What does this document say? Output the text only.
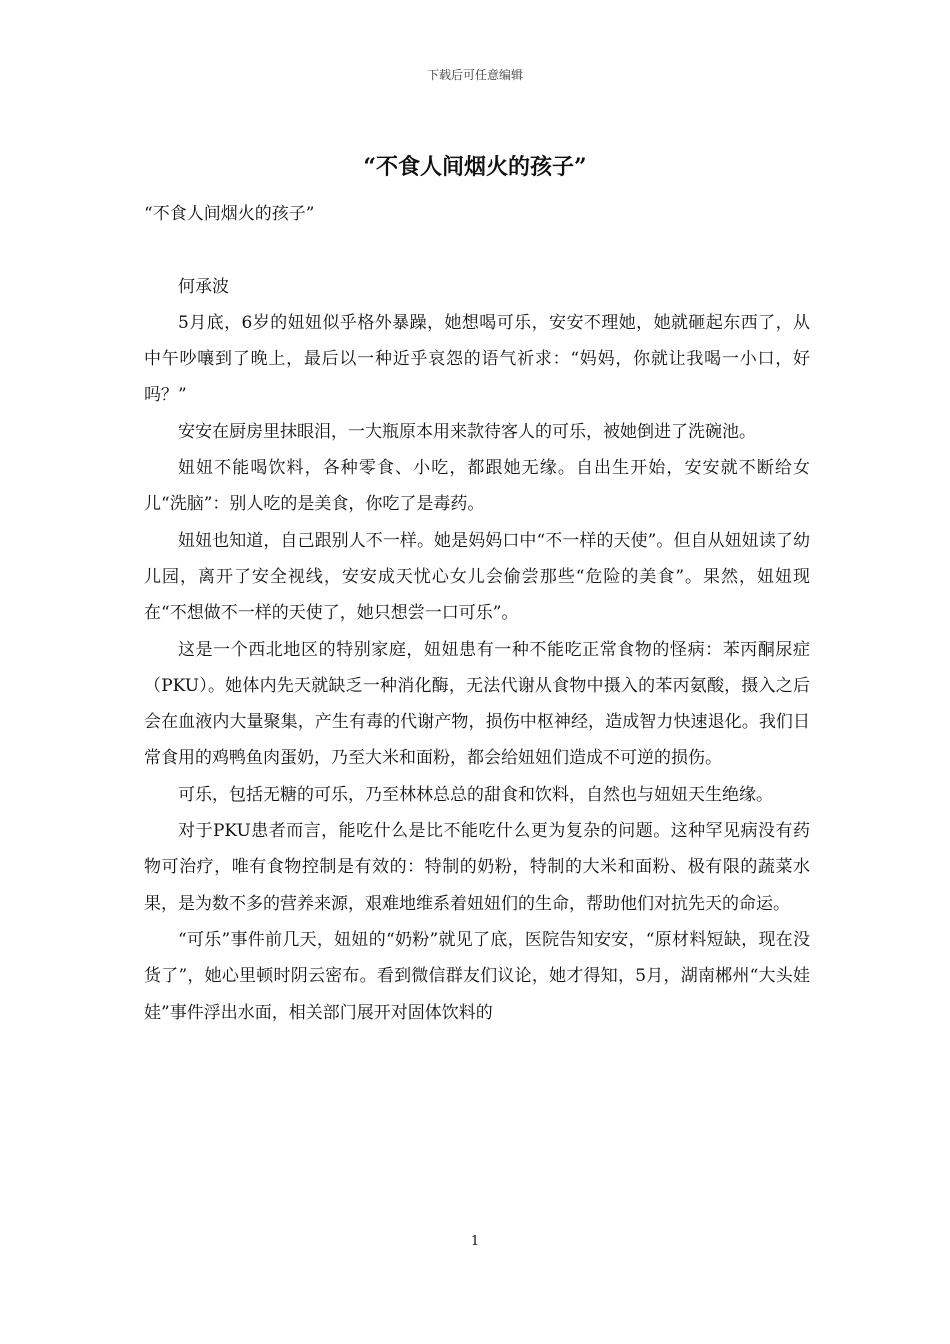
下载后可任意编辑
“不食人间烟火的孩子”

“不食人间烟火的孩子”

何承波

5月底，6岁的妞妞似乎格外暴躁，她想喝可乐，安安不理她，她就砸起东西了，从中午吵嚷到了晚上，最后以一种近乎哀怨的语气祈求：“妈妈，你就让我喝一小口，好吗？”

安安在厨房里抹眼泪，一大瓶原本用来款待客人的可乐，被她倒进了洗碗池。

妞妞不能喝饮料，各种零食、小吃，都跟她无缘。自出生开始，安安就不断给女儿“洗脑”：别人吃的是美食，你吃了是毒药。

妞妞也知道，自己跟别人不一样。她是妈妈口中“不一样的天使”。但自从妞妞读了幼儿园，离开了安全视线，安安成天忧心女儿会偷尝那些“危险的美食”。果然，妞妞现在“不想做不一样的天使了，她只想尝一口可乐”。

这是一个西北地区的特别家庭，妞妞患有一种不能吃正常食物的怪病：苯丙酮尿症（PKU）。她体内先天就缺乏一种消化酶，无法代谢从食物中摄入的苯丙氨酸，摄入之后会在血液内大量聚集，产生有毒的代谢产物，损伤中枢神经，造成智力快速退化。我们日常食用的鸡鸭鱼肉蛋奶，乃至大米和面粉，都会给妞妞们造成不可逆的损伤。

可乐，包括无糖的可乐，乃至林林总总的甜食和饮料，自然也与妞妞天生绝缘。

对于PKU患者而言，能吃什么是比不能吃什么更为复杂的问题。这种罕见病没有药物可治疗，唯有食物控制是有效的：特制的奶粉，特制的大米和面粉、极有限的蔬菜水果，是为数不多的营养来源，艰难地维系着妞妞们的生命，帮助他们对抗先天的命运。

“可乐”事件前几天，妞妞的“奶粉”就见了底，医院告知安安，“原材料短缺，现在没货了”，她心里顿时阴云密布。看到微信群友们议论，她才得知，5月，湖南郴州“大头娃娃”事件浮出水面，相关部门展开对固体饮料的

1
